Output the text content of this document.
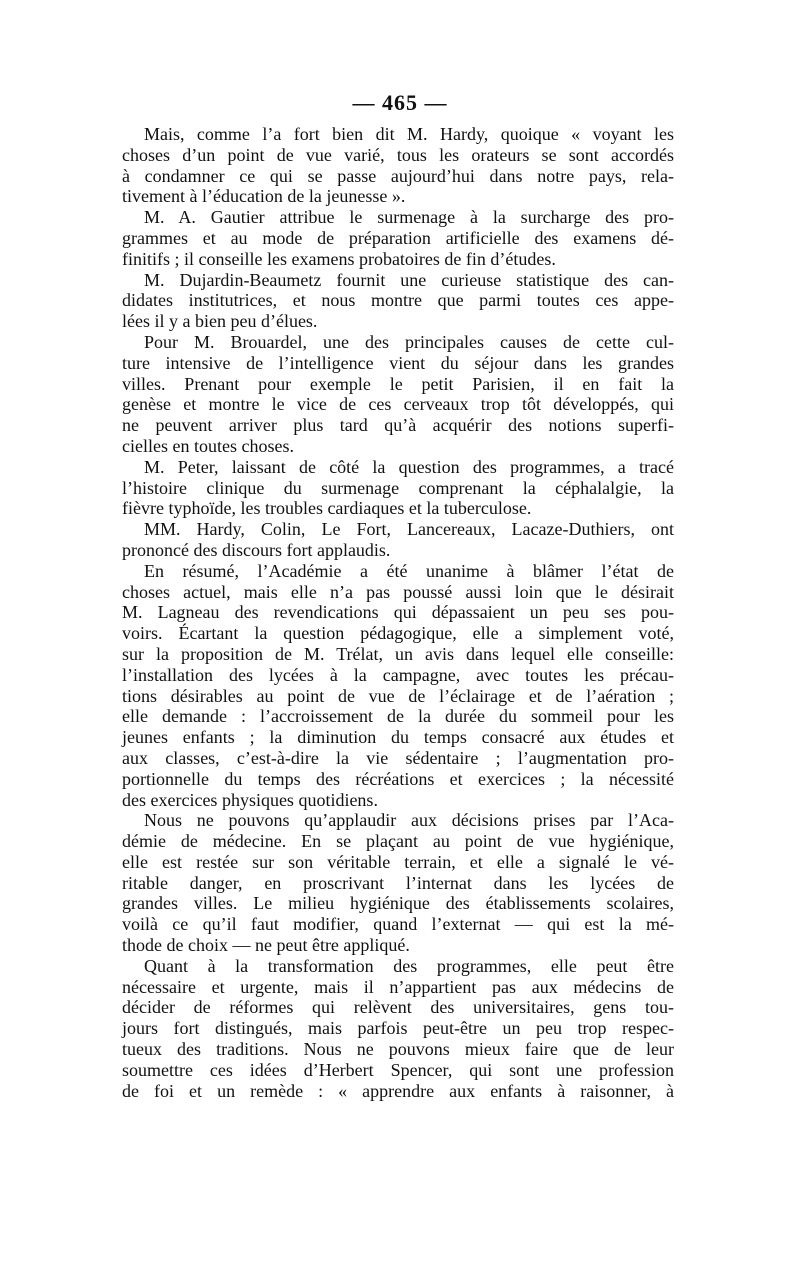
— 465 —
Mais, comme l’a fort bien dit M. Hardy, quoique « voyant les
choses d’un point de vue varié, tous les orateurs se sont accordés
à condamner ce qui se passe aujourd’hui dans notre pays, rela-
tivement à l’éducation de la jeunesse ».
M. A. Gautier attribue le surmenage à la surcharge des pro-
grammes et au mode de préparation artificielle des examens dé-
finitifs ; il conseille les examens probatoires de fin d’études.
M. Dujardin-Beaumetz fournit une curieuse statistique des can-
didates institutrices, et nous montre que parmi toutes ces appe-
lées il y a bien peu d’élues.
Pour M. Brouardel, une des principales causes de cette cul-
ture intensive de l’intelligence vient du séjour dans les grandes
villes. Prenant pour exemple le petit Parisien, il en fait la
genèse et montre le vice de ces cerveaux trop tôt développés, qui
ne peuvent arriver plus tard qu’à acquérir des notions superfi-
cielles en toutes choses.
M. Peter, laissant de côté la question des programmes, a tracé
l’histoire clinique du surmenage comprenant la céphalalgie, la
fièvre typhoïde, les troubles cardiaques et la tuberculose.
MM. Hardy, Colin, Le Fort, Lancereaux, Lacaze-Duthiers, ont
prononcé des discours fort applaudis.
En résumé, l’Académie a été unanime à blâmer l’état de
choses actuel, mais elle n’a pas poussé aussi loin que le désirait
M. Lagneau des revendications qui dépassaient un peu ses pou-
voirs. Écartant la question pédagogique, elle a simplement voté,
sur la proposition de M. Trélat, un avis dans lequel elle conseille:
l’installation des lycées à la campagne, avec toutes les précau-
tions désirables au point de vue de l’éclairage et de l’aération ;
elle demande : l’accroissement de la durée du sommeil pour les
jeunes enfants ; la diminution du temps consacré aux études et
aux classes, c’est-à-dire la vie sédentaire ; l’augmentation pro-
portionnelle du temps des récréations et exercices ; la nécessité
des exercices physiques quotidiens.
Nous ne pouvons qu’applaudir aux décisions prises par l’Aca-
démie de médecine. En se plaçant au point de vue hygiénique,
elle est restée sur son véritable terrain, et elle a signalé le vé-
ritable danger, en proscrivant l’internat dans les lycées de
grandes villes. Le milieu hygiénique des établissements scolaires,
voilà ce qu’il faut modifier, quand l’externat — qui est la mé-
thode de choix — ne peut être appliqué.
Quant à la transformation des programmes, elle peut être
nécessaire et urgente, mais il n’appartient pas aux médecins de
décider de réformes qui relèvent des universitaires, gens tou-
jours fort distingués, mais parfois peut-être un peu trop respec-
tueux des traditions. Nous ne pouvons mieux faire que de leur
soumettre ces idées d’Herbert Spencer, qui sont une profession
de foi et un remède : « apprendre aux enfants à raisonner, à
